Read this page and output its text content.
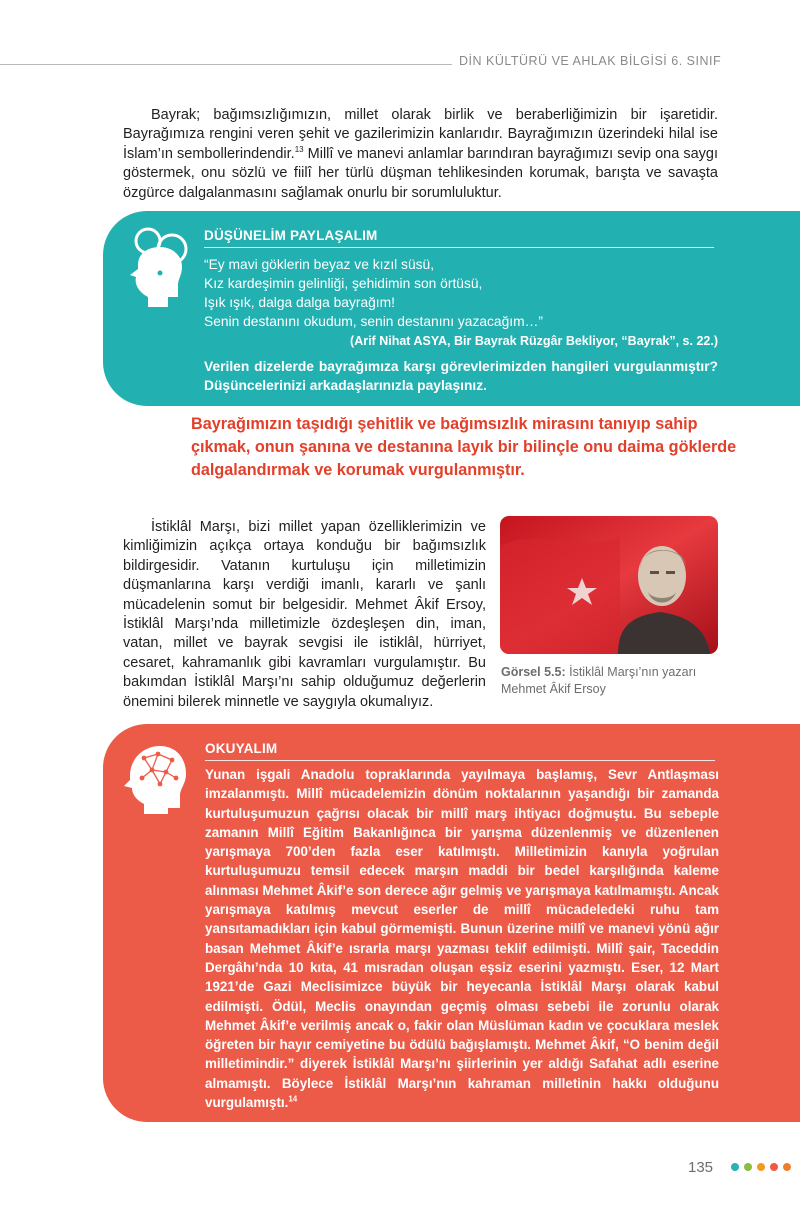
DİN KÜLTÜRÜ VE AHLAK BİLGİSİ 6. SINIF

Bayrak; bağımsızlığımızın, millet olarak birlik ve beraberliğimizin bir işaretidir. Bayrağımıza rengini veren şehit ve gazilerimizin kanlarıdır. Bayrağımızın üzerindeki hilal ise İslam’ın sembollerindendir.$^{13}$ Millî ve manevi anlamlar barındıran bayrağımızı sevip ona saygı göstermek, onu sözlü ve fiilî her türlü düşman tehlikesinden korumak, barışta ve savaşta özgürce dalgalanmasını sağlamak onurlu bir sorumluluktur.

DÜŞÜNELİM PAYLAŞALIM
“Ey mavi göklerin beyaz ve kızıl süsü,
Kız kardeşimin gelinliği, şehidimin son örtüsü,
Işık ışık, dalga dalga bayrağım!
Senin destanını okudum, senin destanını yazacağım…”
(Arif Nihat ASYA, Bir Bayrak Rüzgâr Bekliyor, “Bayrak”, s. 22.)
Verilen dizelerde bayrağımıza karşı görevlerimizden hangileri vurgulanmıştır? Düşüncelerinizi arkadaşlarınızla paylaşınız.
Bayrağımızın taşıdığı şehitlik ve bağımsızlık mirasını tanıyıp sahip çıkmak, onun şanına ve destanına layık bir bilinçle onu daima göklerde dalgalandırmak ve korumak vurgulanmıştır.

İstiklâl Marşı, bizi millet yapan özelliklerimizin ve kimliğimizin açıkça ortaya konduğu bir bağımsızlık bildirgesidir. Vatanın kurtuluşu için milletimizin düşmanlarına karşı verdiği imanlı, kararlı ve şanlı mücadelenin somut bir belgesidir. Mehmet Âkif Ersoy, İstiklâl Marşı’nda milletimizle özdeşleşen din, iman, vatan, millet ve bayrak sevgisi ile istiklâl, hürriyet, cesaret, kahramanlık gibi kavramları vurgulamıştır. Bu bakımdan İstiklâl Marşı’nı sahip olduğumuz değerlerin önemini bilerek minnetle ve saygıyla okumalıyız.

Görsel 5.5: İstiklâl Marşı’nın yazarı Mehmet Âkif Ersoy
OKUYALIM

Yunan işgali Anadolu topraklarında yayılmaya başlamış, Sevr Antlaşması imzalanmıştı. Millî mücadelemizin dönüm noktalarının yaşandığı bir zamanda kurtuluşumuzun çağrısı olacak bir millî marş ihtiyacı doğmuştu. Bu sebeple zamanın Millî Eğitim Bakanlığınca bir yarışma düzenlenmiş ve düzenlenen yarışmaya 700’den fazla eser katılmıştı. Milletimizin kanıyla yoğrulan kurtuluşumuzu temsil edecek marşın maddi bir bedel karşılığında kaleme alınması Mehmet Âkif’e son derece ağır gelmiş ve yarışmaya katılmamıştı. Ancak yarışmaya katılmış mevcut eserler de millî mücadeledeki ruhu tam yansıtamadıkları için kabul görmemişti. Bunun üzerine millî ve manevi yönü ağır basan Mehmet Âkif’e ısrarla marşı yazması teklif edilmişti. Millî şair, Taceddin Dergâhı’nda 10 kıta, 41 mısradan oluşan eşsiz eserini yazmıştı. Eser, 12 Mart 1921’de Gazi Meclisimizce büyük bir heyecanla İstiklâl Marşı olarak kabul edilmişti. Ödül, Meclis onayından geçmiş olması sebebi ile zorunlu olarak Mehmet Âkif’e verilmiş ancak o, fakir olan Müslüman kadın ve çocuklara meslek öğreten bir hayır cemiyetine bu ödülü bağışlamıştı. Mehmet Âkif, “O benim değil milletimindir.” diyerek İstiklâl Marşı’nı şiirlerinin yer aldığı Safahat adlı eserine almamıştı. Böylece İstiklâl Marşı’nın kahraman milletinin hakkı olduğunu vurgulamıştı.$^{14}$

135
